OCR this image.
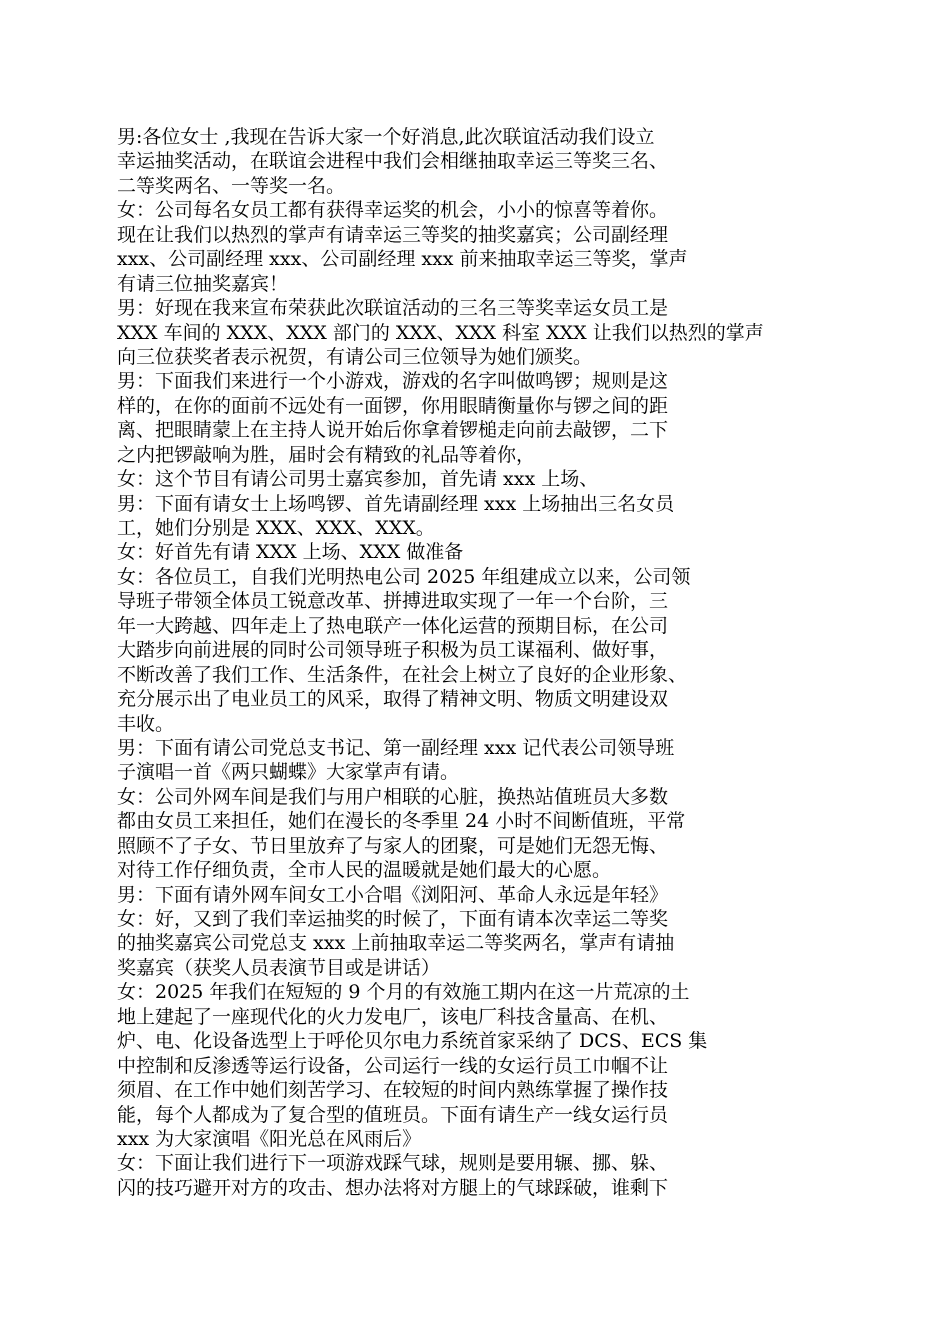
男:各位女士 ,我现在告诉大家一个好消息,此次联谊活动我们设立
幸运抽奖活动，在联谊会进程中我们会相继抽取幸运三等奖三名、
二等奖两名、一等奖一名。
女：公司每名女员工都有获得幸运奖的机会，小小的惊喜等着你。
现在让我们以热烈的掌声有请幸运三等奖的抽奖嘉宾；公司副经理
xxx、公司副经理 xxx、公司副经理 xxx 前来抽取幸运三等奖，掌声
有请三位抽奖嘉宾！
男：好现在我来宣布荣获此次联谊活动的三名三等奖幸运女员工是
XXX 车间的 XXX、XXX 部门的 XXX、XXX 科室 XXX 让我们以热烈的掌声
向三位获奖者表示祝贺，有请公司三位领导为她们颁奖。
男：下面我们来进行一个小游戏，游戏的名字叫做鸣锣；规则是这
样的，在你的面前不远处有一面锣，你用眼睛衡量你与锣之间的距
离、把眼睛蒙上在主持人说开始后你拿着锣槌走向前去敲锣，二下
之内把锣敲响为胜，届时会有精致的礼品等着你，
女：这个节目有请公司男士嘉宾参加，首先请 xxx 上场、
男：下面有请女士上场鸣锣、首先请副经理 xxx 上场抽出三名女员
工，她们分别是 XXX、XXX、XXX。
女：好首先有请 XXX 上场、XXX 做准备
女：各位员工，自我们光明热电公司 2025 年组建成立以来，公司领
导班子带领全体员工锐意改革、拼搏进取实现了一年一个台阶，三
年一大跨越、四年走上了热电联产一体化运营的预期目标，在公司
大踏步向前进展的同时公司领导班子积极为员工谋福利、做好事，
不断改善了我们工作、生活条件，在社会上树立了良好的企业形象、
充分展示出了电业员工的风采，取得了精神文明、物质文明建设双
丰收。
男：下面有请公司党总支书记、第一副经理 xxx 记代表公司领导班
子演唱一首《两只蝴蝶》大家掌声有请。
女：公司外网车间是我们与用户相联的心脏，换热站值班员大多数
都由女员工来担任，她们在漫长的冬季里 24 小时不间断值班，平常
照顾不了子女、节日里放弃了与家人的团聚，可是她们无怨无悔、
对待工作仔细负责，全市人民的温暖就是她们最大的心愿。
男：下面有请外网车间女工小合唱《浏阳河、革命人永远是年轻》
女：好，又到了我们幸运抽奖的时候了，下面有请本次幸运二等奖
的抽奖嘉宾公司党总支 xxx 上前抽取幸运二等奖两名，掌声有请抽
奖嘉宾（获奖人员表演节目或是讲话）
女：2025 年我们在短短的 9 个月的有效施工期内在这一片荒凉的土
地上建起了一座现代化的火力发电厂，该电厂科技含量高、在机、
炉、电、化设备选型上于呼伦贝尔电力系统首家采纳了 DCS、ECS 集
中控制和反渗透等运行设备，公司运行一线的女运行员工巾帼不让
须眉、在工作中她们刻苦学习、在较短的时间内熟练掌握了操作技
能，每个人都成为了复合型的值班员。下面有请生产一线女运行员
xxx 为大家演唱《阳光总在风雨后》
女：下面让我们进行下一项游戏踩气球，规则是要用辗、挪、躲、
闪的技巧避开对方的攻击、想办法将对方腿上的气球踩破，谁剩下
